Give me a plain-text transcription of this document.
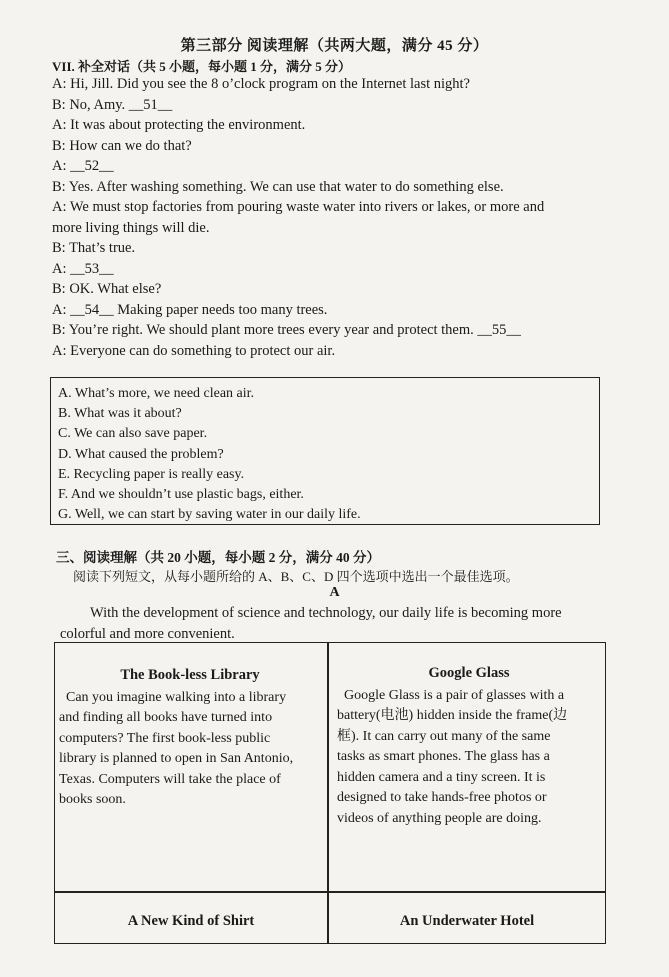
第三部分 阅读理解（共两大题，满分 45 分）
VII. 补全对话（共 5 小题，每小题 1 分，满分 5 分）
A: Hi, Jill. Did you see the 8 o’clock program on the Internet last night?
B: No, Amy. __51__
A: It was about protecting the environment.
B: How can we do that?
A: __52__
B: Yes. After washing something. We can use that water to do something else.
A: We must stop factories from pouring waste water into rivers or lakes, or more and
more living things will die.
B: That’s true.
A: __53__
B: OK. What else?
A: __54__ Making paper needs too many trees.
B: You’re right. We should plant more trees every year and protect them. __55__
A: Everyone can do something to protect our air.
A. What’s more, we need clean air.
B. What was it about?
C. We can also save paper.
D. What caused the problem?
E. Recycling paper is really easy.
F. And we shouldn’t use plastic bags, either.
G. Well, we can start by saving water in our daily life.
三、阅读理解（共 20 小题，每小题 2 分，满分 40 分）
阅读下列短文，从每小题所给的 A、B、C、D 四个选项中选出一个最佳选项。
A
With the development of science and technology, our daily life is becoming more
colorful and more convenient.
The Book-less Library
Can you imagine walking into a library
and finding all books have turned into
computers? The first book-less public
library is planned to open in San Antonio,
Texas. Computers will take the place of
books soon.
Google Glass
Google Glass is a pair of glasses with a
battery(电池) hidden inside the frame(边
框). It can carry out many of the same
tasks as smart phones. The glass has a
hidden camera and a tiny screen. It is
designed to take hands-free photos or
videos of anything people are doing.
A New Kind of Shirt	An Underwater Hotel
